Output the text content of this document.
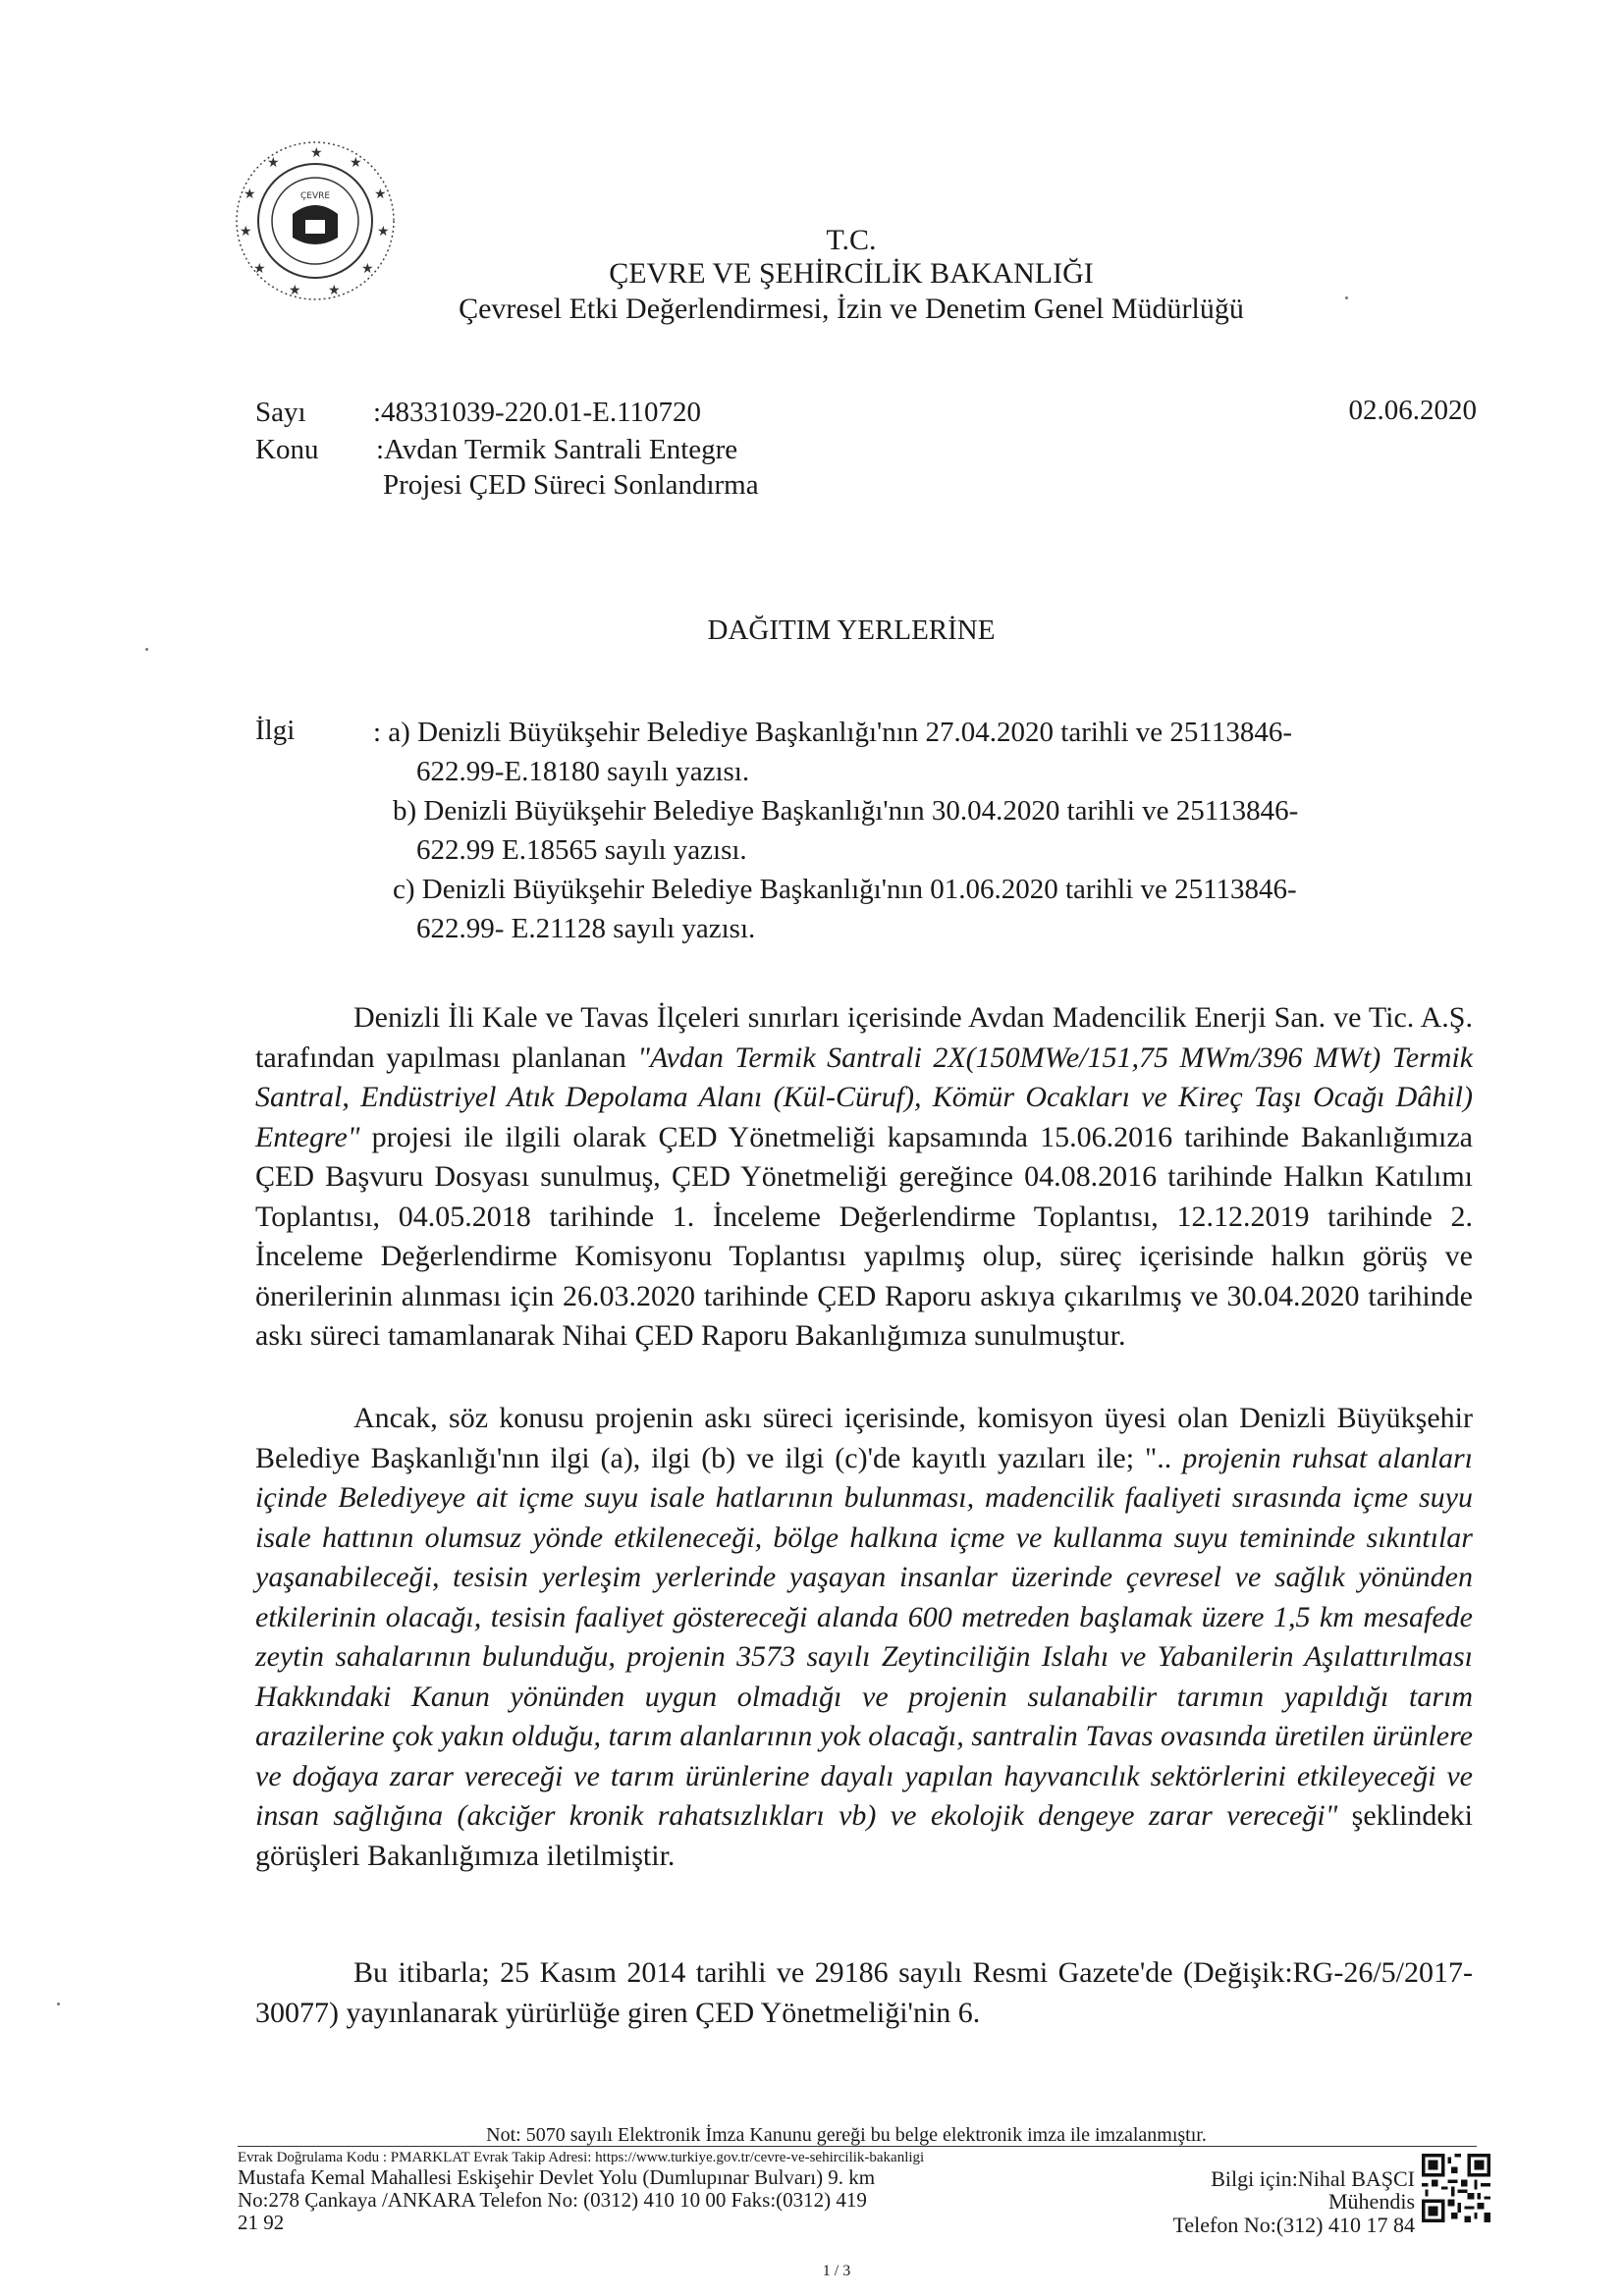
★
★
★
★
★
★
★
★
★
★
★
ÇEVRE
T.C.
ÇEVRE VE ŞEHİRCİLİK BAKANLIĞI
Çevresel Etki Değerlendirmesi, İzin ve Denetim Genel Müdürlüğü
Sayı :48331039-220.01-E.110720
Konu :Avdan Termik Santrali Entegre
Projesi ÇED Süreci Sonlandırma
02.06.2020
DAĞITIM YERLERİNE
İlgi	: a) Denizli Büyükşehir Belediye Başkanlığı'nın 27.04.2020 tarihli ve 25113846-
622.99-E.18180 sayılı yazısı.
b) Denizli Büyükşehir Belediye Başkanlığı'nın 30.04.2020 tarihli ve 25113846-
622.99 E.18565 sayılı yazısı.
c) Denizli Büyükşehir Belediye Başkanlığı'nın 01.06.2020 tarihli ve 25113846-
622.99- E.21128 sayılı yazısı.
Denizli İli Kale ve Tavas İlçeleri sınırları içerisinde Avdan Madencilik Enerji San. ve Tic. A.Ş. tarafından yapılması planlanan "Avdan Termik Santrali 2X(150MWe/151,75 MWm/396 MWt) Termik Santral, Endüstriyel Atık Depolama Alanı (Kül-Cüruf), Kömür Ocakları ve Kireç Taşı Ocağı Dâhil) Entegre" projesi ile ilgili olarak ÇED Yönetmeliği kapsamında 15.06.2016 tarihinde Bakanlığımıza ÇED Başvuru Dosyası sunulmuş, ÇED Yönetmeliği gereğince 04.08.2016 tarihinde Halkın Katılımı Toplantısı, 04.05.2018 tarihinde 1. İnceleme Değerlendirme Toplantısı, 12.12.2019 tarihinde 2. İnceleme Değerlendirme Komisyonu Toplantısı yapılmış olup, süreç içerisinde halkın görüş ve önerilerinin alınması için 26.03.2020 tarihinde ÇED Raporu askıya çıkarılmış ve 30.04.2020 tarihinde askı süreci tamamlanarak Nihai ÇED Raporu Bakanlığımıza sunulmuştur.
Ancak, söz konusu projenin askı süreci içerisinde, komisyon üyesi olan Denizli Büyükşehir Belediye Başkanlığı'nın ilgi (a), ilgi (b) ve ilgi (c)'de kayıtlı yazıları ile; ".. projenin ruhsat alanları içinde Belediyeye ait içme suyu isale hatlarının bulunması, madencilik faaliyeti sırasında içme suyu isale hattının olumsuz yönde etkileneceği, bölge halkına içme ve kullanma suyu temininde sıkıntılar yaşanabileceği, tesisin yerleşim yerlerinde yaşayan insanlar üzerinde çevresel ve sağlık yönünden etkilerinin olacağı, tesisin faaliyet göstereceği alanda 600 metreden başlamak üzere 1,5 km mesafede zeytin sahalarının bulunduğu, projenin 3573 sayılı Zeytinciliğin Islahı ve Yabanilerin Aşılattırılması Hakkındaki Kanun yönünden uygun olmadığı ve projenin sulanabilir tarımın yapıldığı tarım arazilerine çok yakın olduğu, tarım alanlarının yok olacağı, santralin Tavas ovasında üretilen ürünlere ve doğaya zarar vereceği ve tarım ürünlerine dayalı yapılan hayvancılık sektörlerini etkileyeceği ve insan sağlığına (akciğer kronik rahatsızlıkları vb) ve ekolojik dengeye zarar vereceği" şeklindeki görüşleri Bakanlığımıza iletilmiştir.
Bu itibarla; 25 Kasım 2014 tarihli ve 29186 sayılı Resmi Gazete'de (Değişik:RG-26/5/2017-30077) yayınlanarak yürürlüğe giren ÇED Yönetmeliği'nin 6.
Not: 5070 sayılı Elektronik İmza Kanunu gereği bu belge elektronik imza ile imzalanmıştır.
Evrak Doğrulama Kodu : PMARKLAT Evrak Takip Adresi: https://www.turkiye.gov.tr/cevre-ve-sehircilik-bakanligi
Mustafa Kemal Mahallesi Eskişehir Devlet Yolu (Dumlupınar Bulvarı) 9. km
No:278 Çankaya /ANKARA Telefon No: (0312) 410 10 00 Faks:(0312) 419
21 92
Bilgi için:Nihal BAŞCI
Mühendis
Telefon No:(312) 410 17 84
1 / 3
